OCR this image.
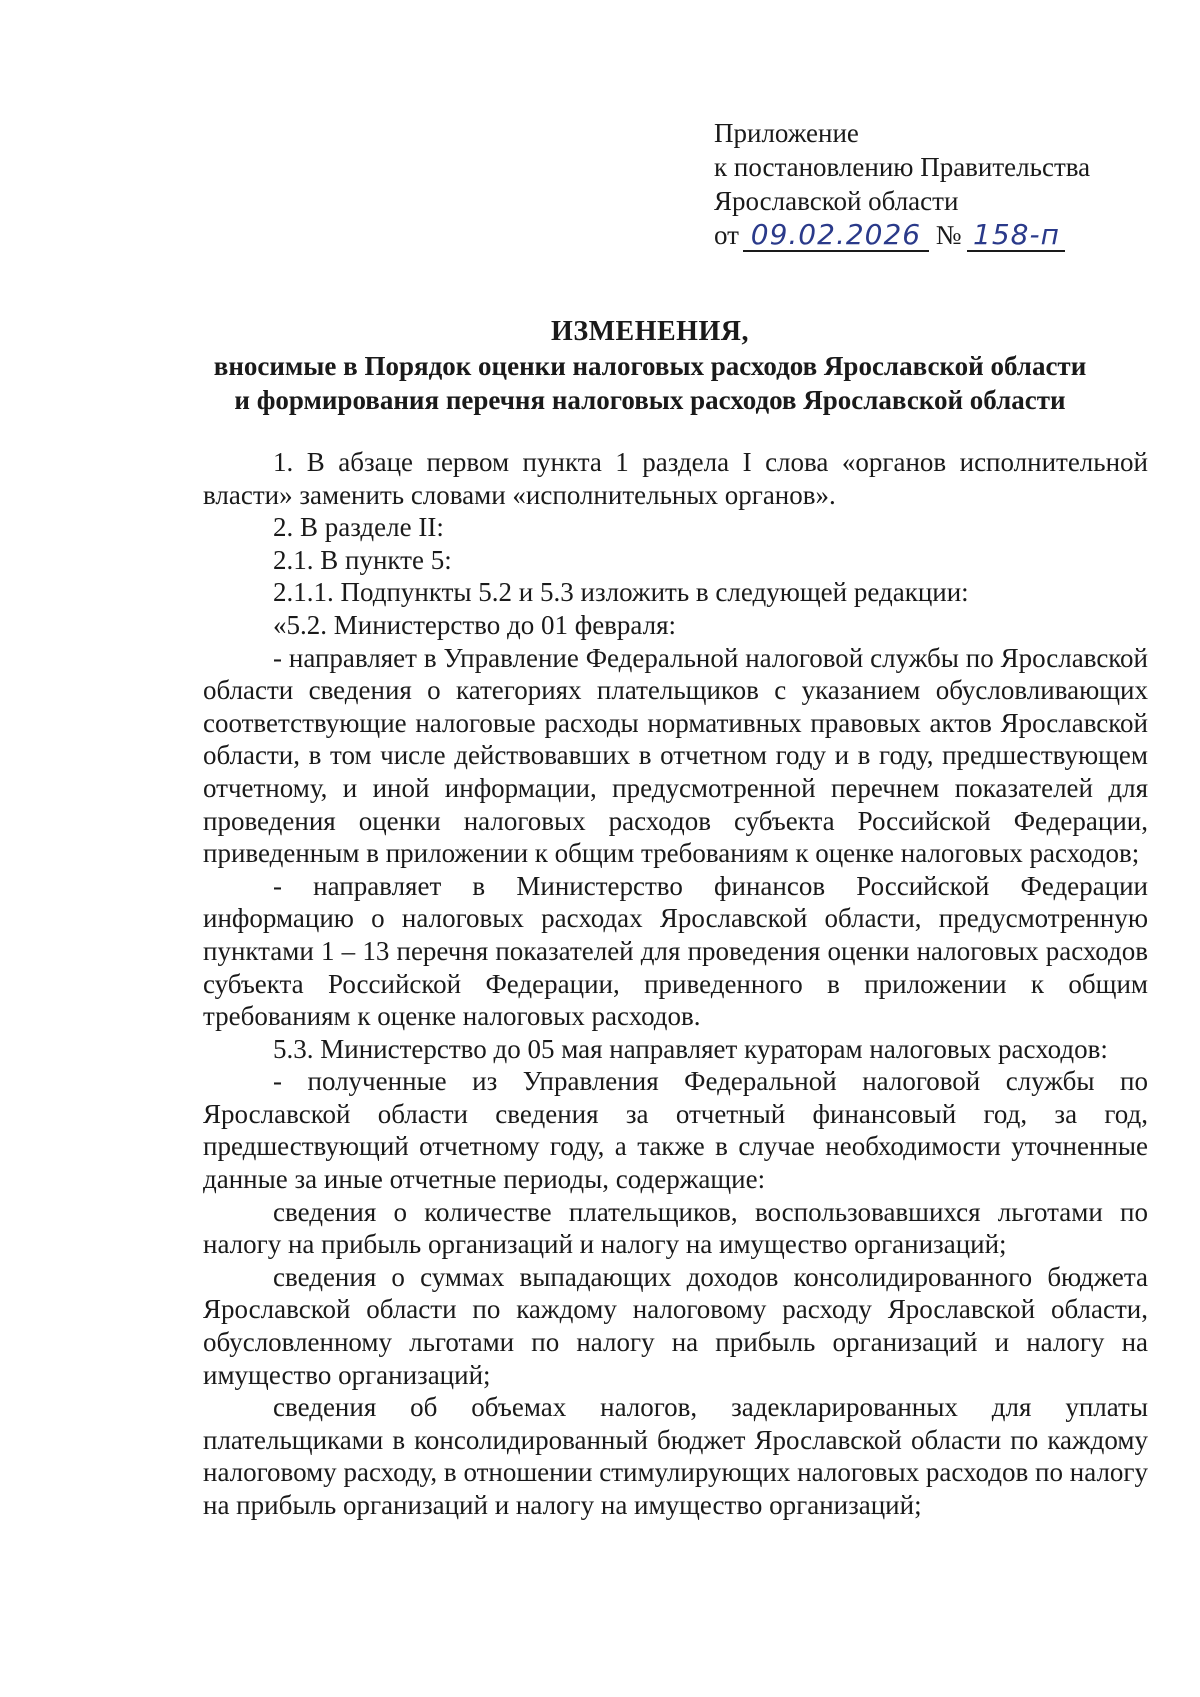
Приложение
к постановлению Правительства
Ярославской области
от 09.02.2026 № 158-п
ИЗМЕНЕНИЯ,
вносимые в Порядок оценки налоговых расходов Ярославской области
и формирования перечня налоговых расходов Ярославской области

1. В абзаце первом пункта 1 раздела I слова «органов исполнительной власти» заменить словами «исполнительных органов».

2. В разделе II:

2.1. В пункте 5:

2.1.1. Подпункты 5.2 и 5.3 изложить в следующей редакции:

«5.2. Министерство до 01 февраля:

- направляет в Управление Федеральной налоговой службы по Ярославской области сведения о категориях плательщиков с указанием обусловливающих соответствующие налоговые расходы нормативных правовых актов Ярославской области, в том числе действовавших в отчетном году и в году, предшествующем отчетному, и иной информации, предусмотренной перечнем показателей для проведения оценки налоговых расходов субъекта Российской Федерации, приведенным в приложении к общим требованиям к оценке налоговых расходов;

- направляет в Министерство финансов Российской Федерации информацию о налоговых расходах Ярославской области, предусмотренную пунктами 1 – 13 перечня показателей для проведения оценки налоговых расходов субъекта Российской Федерации, приведенного в приложении к общим требованиям к оценке налоговых расходов.

5.3. Министерство до 05 мая направляет кураторам налоговых расходов:

- полученные из Управления Федеральной налоговой службы по Ярославской области сведения за отчетный финансовый год, за год, предшествующий отчетному году, а также в случае необходимости уточненные данные за иные отчетные периоды, содержащие:

сведения о количестве плательщиков, воспользовавшихся льготами по налогу на прибыль организаций и налогу на имущество организаций;

сведения о суммах выпадающих доходов консолидированного бюджета Ярославской области по каждому налоговому расходу Ярославской области, обусловленному льготами по налогу на прибыль организаций и налогу на имущество организаций;

сведения об объемах налогов, задекларированных для уплаты плательщиками в консолидированный бюджет Ярославской области по каждому налоговому расходу, в отношении стимулирующих налоговых расходов по налогу на прибыль организаций и налогу на имущество организаций;
